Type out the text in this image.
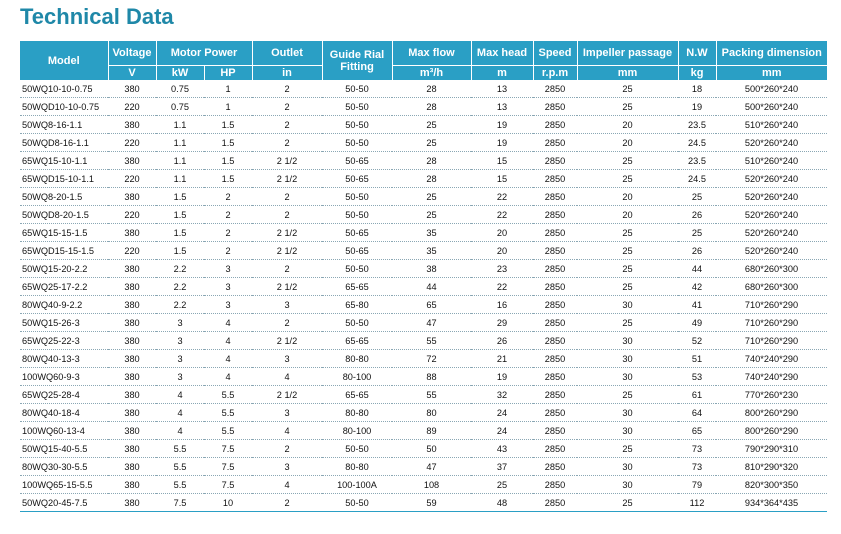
Technical Data
Model	Voltage	Motor Power		Outlet	Guide Rial Fitting	Max flow	Max head	Speed	Impeller passage	N.W	Packing dimension
	V	kW	HP	in		m³/h	m	r.p.m	mm	kg	mm
50WQ10-10-0.75	380	0.75	1	2	50-50	28	13	2850	25	18	500*260*240
50WQD10-10-0.75	220	0.75	1	2	50-50	28	13	2850	25	19	500*260*240
50WQ8-16-1.1	380	1.1	1.5	2	50-50	25	19	2850	20	23.5	510*260*240
50WQD8-16-1.1	220	1.1	1.5	2	50-50	25	19	2850	20	24.5	520*260*240
65WQ15-10-1.1	380	1.1	1.5	2 1/2	50-65	28	15	2850	25	23.5	510*260*240
65WQD15-10-1.1	220	1.1	1.5	2 1/2	50-65	28	15	2850	25	24.5	520*260*240
50WQ8-20-1.5	380	1.5	2	2	50-50	25	22	2850	20	25	520*260*240
50WQD8-20-1.5	220	1.5	2	2	50-50	25	22	2850	20	26	520*260*240
65WQ15-15-1.5	380	1.5	2	2 1/2	50-65	35	20	2850	25	25	520*260*240
65WQD15-15-1.5	220	1.5	2	2 1/2	50-65	35	20	2850	25	26	520*260*240
50WQ15-20-2.2	380	2.2	3	2	50-50	38	23	2850	25	44	680*260*300
65WQ25-17-2.2	380	2.2	3	2 1/2	65-65	44	22	2850	25	42	680*260*300
80WQ40-9-2.2	380	2.2	3	3	65-80	65	16	2850	30	41	710*260*290
50WQ15-26-3	380	3	4	2	50-50	47	29	2850	25	49	710*260*290
65WQ25-22-3	380	3	4	2 1/2	65-65	55	26	2850	30	52	710*260*290
80WQ40-13-3	380	3	4	3	80-80	72	21	2850	30	51	740*240*290
100WQ60-9-3	380	3	4	4	80-100	88	19	2850	30	53	740*240*290
65WQ25-28-4	380	4	5.5	2 1/2	65-65	55	32	2850	25	61	770*260*230
80WQ40-18-4	380	4	5.5	3	80-80	80	24	2850	30	64	800*260*290
100WQ60-13-4	380	4	5.5	4	80-100	89	24	2850	30	65	800*260*290
50WQ15-40-5.5	380	5.5	7.5	2	50-50	50	43	2850	25	73	790*290*310
80WQ30-30-5.5	380	5.5	7.5	3	80-80	47	37	2850	30	73	810*290*320
100WQ65-15-5.5	380	5.5	7.5	4	100-100A	108	25	2850	30	79	820*300*350
50WQ20-45-7.5	380	7.5	10	2	50-50	59	48	2850	25	112	934*364*435
